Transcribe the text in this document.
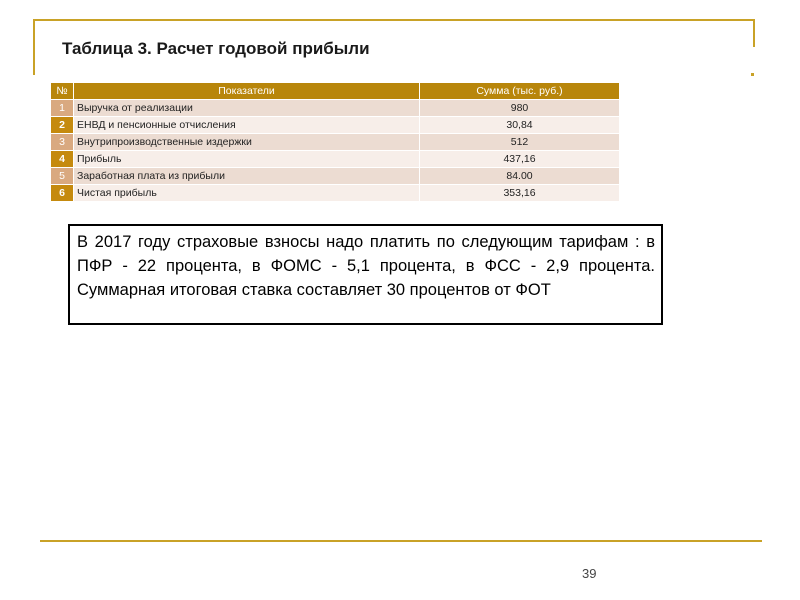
Таблица 3. Расчет годовой прибыли
№	Показатели	Сумма (тыс. руб.)
1	Выручка от реализации	980
2	ЕНВД и пенсионные отчисления	30,84
3	Внутрипроизводственные издержки	512
4	Прибыль	437,16
5	Заработная плата из прибыли	84.00
6	Чистая прибыль	353,16

В 2017 году страховые взносы надо платить по следующим тарифам : в ПФР - 22 процента, в ФОМС - 5,1 процента, в ФСС - 2,9 процента. Суммарная итоговая ставка составляет 30 процентов от ФОТ

39
